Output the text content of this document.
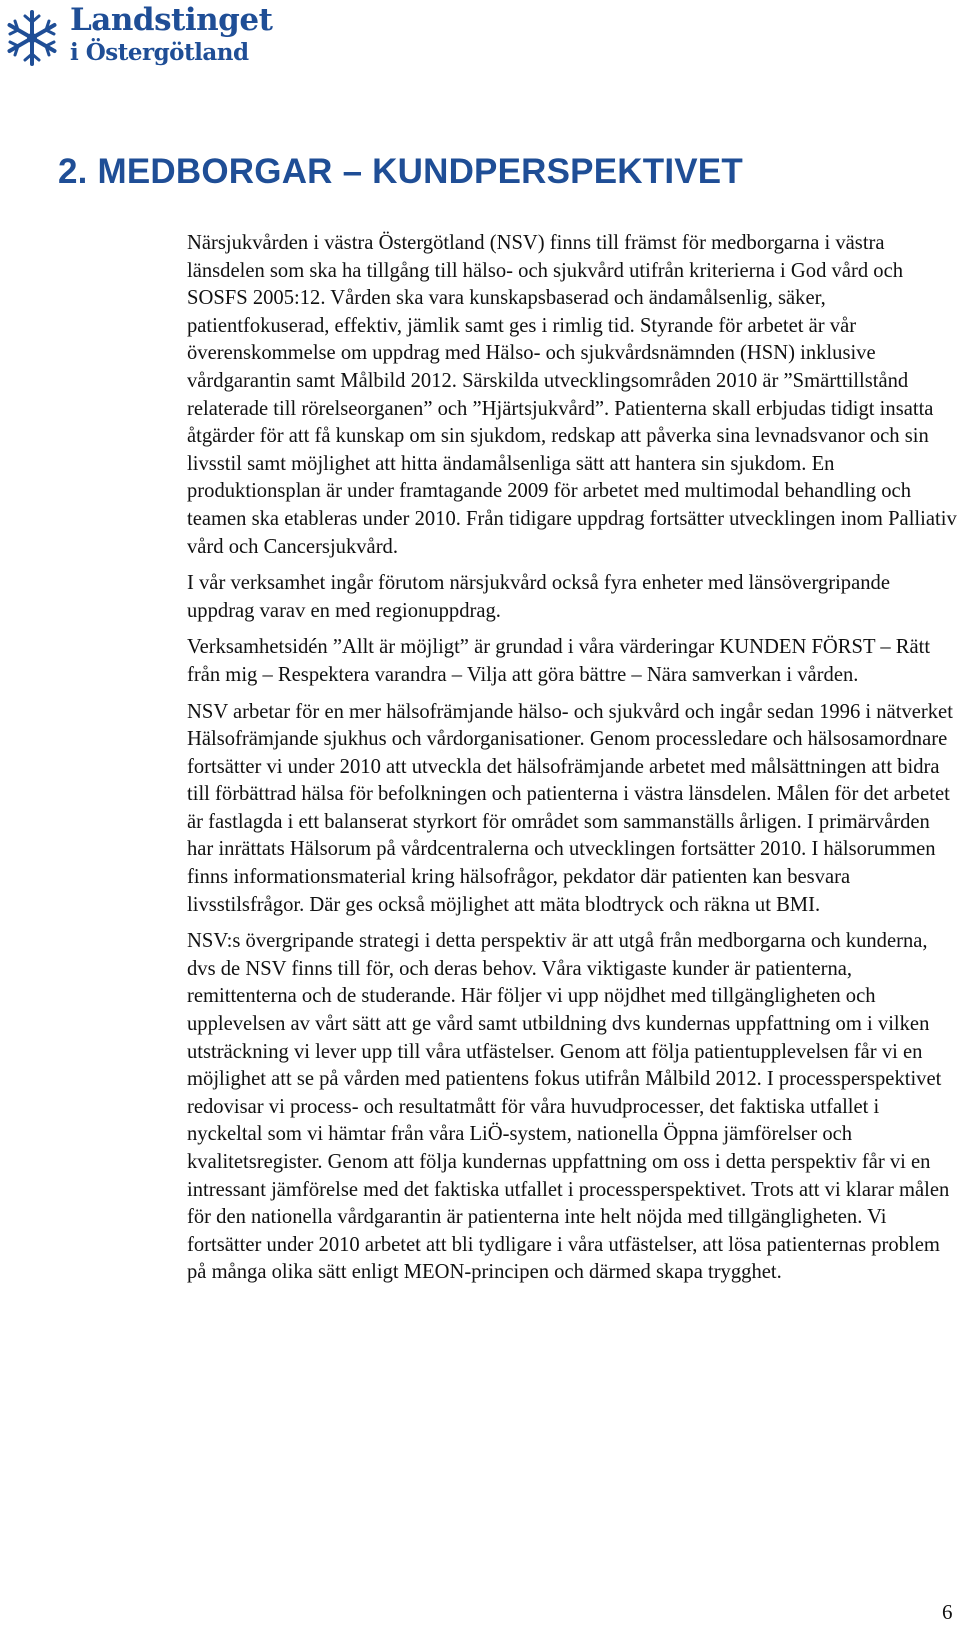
Landstinget
i Östergötland
2. MEDBORGAR – KUNDPERSPEKTIVET

Närsjukvården i västra Östergötland (NSV) finns till främst för medborgarna i västra länsdelen som ska ha tillgång till hälso- och sjukvård utifrån kriterierna i God vård och SOSFS 2005:12. Vården ska vara kunskapsbaserad och ändamålsenlig, säker, patientfokuserad, effektiv, jämlik samt ges i rimlig tid. Styrande för arbetet är vår överenskommelse om uppdrag med Hälso- och sjukvårdsnämnden (HSN) inklusive vårdgarantin samt Målbild 2012. Särskilda utvecklingsområden 2010 är ”Smärttillstånd relaterade till rörelseorganen” och ”Hjärtsjukvård”. Patienterna skall erbjudas tidigt insatta åtgärder för att få kunskap om sin sjukdom, redskap att påverka sina levnadsvanor och sin livsstil samt möjlighet att hitta ändamålsenliga sätt att hantera sin sjukdom. En produktionsplan är under framtagande 2009 för arbetet med multimodal behandling och teamen ska etableras under 2010. Från tidigare uppdrag fortsätter utvecklingen inom Palliativ vård och Cancersjukvård.

I vår verksamhet ingår förutom närsjukvård också fyra enheter med länsövergripande uppdrag varav en med regionuppdrag.

Verksamhetsidén ”Allt är möjligt” är grundad i våra värderingar KUNDEN FÖRST – Rätt från mig – Respektera varandra – Vilja att göra bättre – Nära samverkan i vården.

NSV arbetar för en mer hälsofrämjande hälso- och sjukvård och ingår sedan 1996 i nätverket Hälsofrämjande sjukhus och vårdorganisationer. Genom processledare och hälsosamordnare fortsätter vi under 2010 att utveckla det hälsofrämjande arbetet med målsättningen att bidra till förbättrad hälsa för befolkningen och patienterna i västra länsdelen. Målen för det arbetet är fastlagda i ett balanserat styrkort för området som sammanställs årligen. I primärvården har inrättats Hälsorum på vårdcentralerna och utvecklingen fortsätter 2010. I hälsorummen finns informationsmaterial kring hälsofrågor, pekdator där patienten kan besvara livsstilsfrågor. Där ges också möjlighet att mäta blodtryck och räkna ut BMI.

NSV:s övergripande strategi i detta perspektiv är att utgå från medborgarna och kunderna, dvs de NSV finns till för, och deras behov. Våra viktigaste kunder är patienterna, remittenterna och de studerande. Här följer vi upp nöjdhet med tillgängligheten och upplevelsen av vårt sätt att ge vård samt utbildning dvs kundernas uppfattning om i vilken utsträckning vi lever upp till våra utfästelser. Genom att följa patientupplevelsen får vi en möjlighet att se på vården med patientens fokus utifrån Målbild 2012. I processperspektivet redovisar vi process- och resultatmått för våra huvudprocesser, det faktiska utfallet i nyckeltal som vi hämtar från våra LiÖ-system, nationella Öppna jämförelser och kvalitetsregister. Genom att följa kundernas uppfattning om oss i detta perspektiv får vi en intressant jämförelse med det faktiska utfallet i processperspektivet. Trots att vi klarar målen för den nationella vårdgarantin är patienterna inte helt nöjda med tillgängligheten. Vi fortsätter under 2010 arbetet att bli tydligare i våra utfästelser, att lösa patienternas problem på många olika sätt enligt MEON-principen och därmed skapa trygghet.

6
